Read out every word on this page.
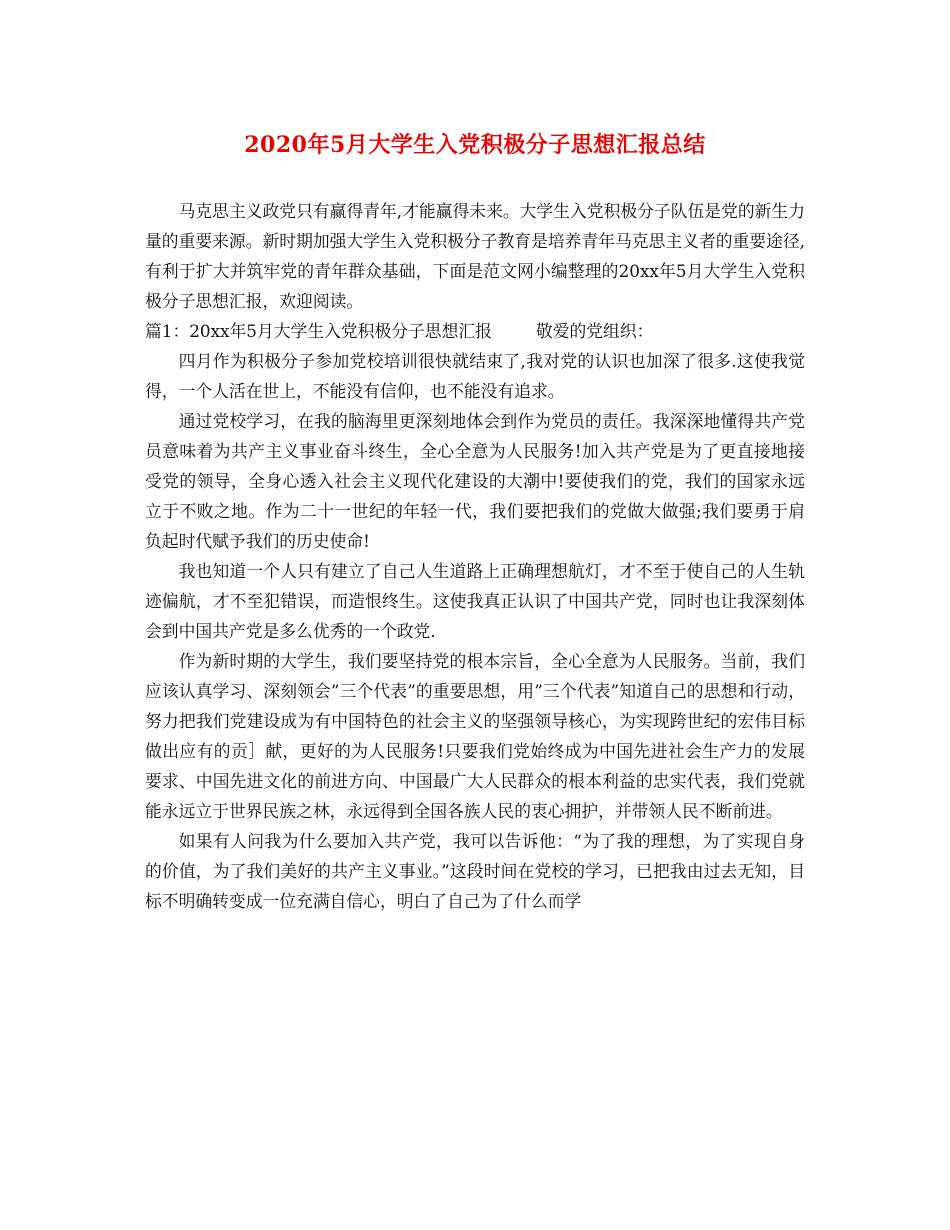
2020年5月大学生入党积极分子思想汇报总结

马克思主义政党只有赢得青年,才能赢得未来。大学生入党积极分子队伍是党的新生力量的重要来源。新时期加强大学生入党积极分子教育是培养青年马克思主义者的重要途径,有利于扩大并筑牢党的青年群众基础，下面是范文网小编整理的20xx年5月大学生入党积极分子思想汇报，欢迎阅读。

篇1：20xx年5月大学生入党积极分子思想汇报	敬爱的党组织：

四月作为积极分子参加党校培训很快就结束了,我对党的认识也加深了很多.这使我觉得，一个人活在世上，不能没有信仰，也不能没有追求。

通过党校学习，在我的脑海里更深刻地体会到作为党员的责任。我深深地懂得共产党员意味着为共产主义事业奋斗终生，全心全意为人民服务!加入共产党是为了更直接地接受党的领导，全身心透入社会主义现代化建设的大潮中!要使我们的党，我们的国家永远立于不败之地。作为二十一世纪的年轻一代，我们要把我们的党做大做强;我们要勇于肩负起时代赋予我们的历史使命!

我也知道一个人只有建立了自己人生道路上正确理想航灯，才不至于使自己的人生轨迹偏航，才不至犯错误，而造恨终生。这使我真正认识了中国共产党，同时也让我深刻体会到中国共产党是多么优秀的一个政党.

作为新时期的大学生，我们要坚持党的根本宗旨，全心全意为人民服务。当前，我们应该认真学习、深刻领会”三个代表”的重要思想，用”三个代表”知道自己的思想和行动，努力把我们党建设成为有中国特色的社会主义的坚强领导核心，为实现跨世纪的宏伟目标做出应有的贡］献，更好的为人民服务!只要我们党始终成为中国先进社会生产力的发展要求、中国先进文化的前进方向、中国最广大人民群众的根本利益的忠实代表，我们党就能永远立于世界民族之林，永远得到全国各族人民的衷心拥护，并带领人民不断前进。

如果有人问我为什么要加入共产党，我可以告诉他：“为了我的理想，为了实现自身的价值，为了我们美好的共产主义事业。”这段时间在党校的学习，已把我由过去无知，目标不明确转变成一位充满自信心，明白了自己为了什么而学
